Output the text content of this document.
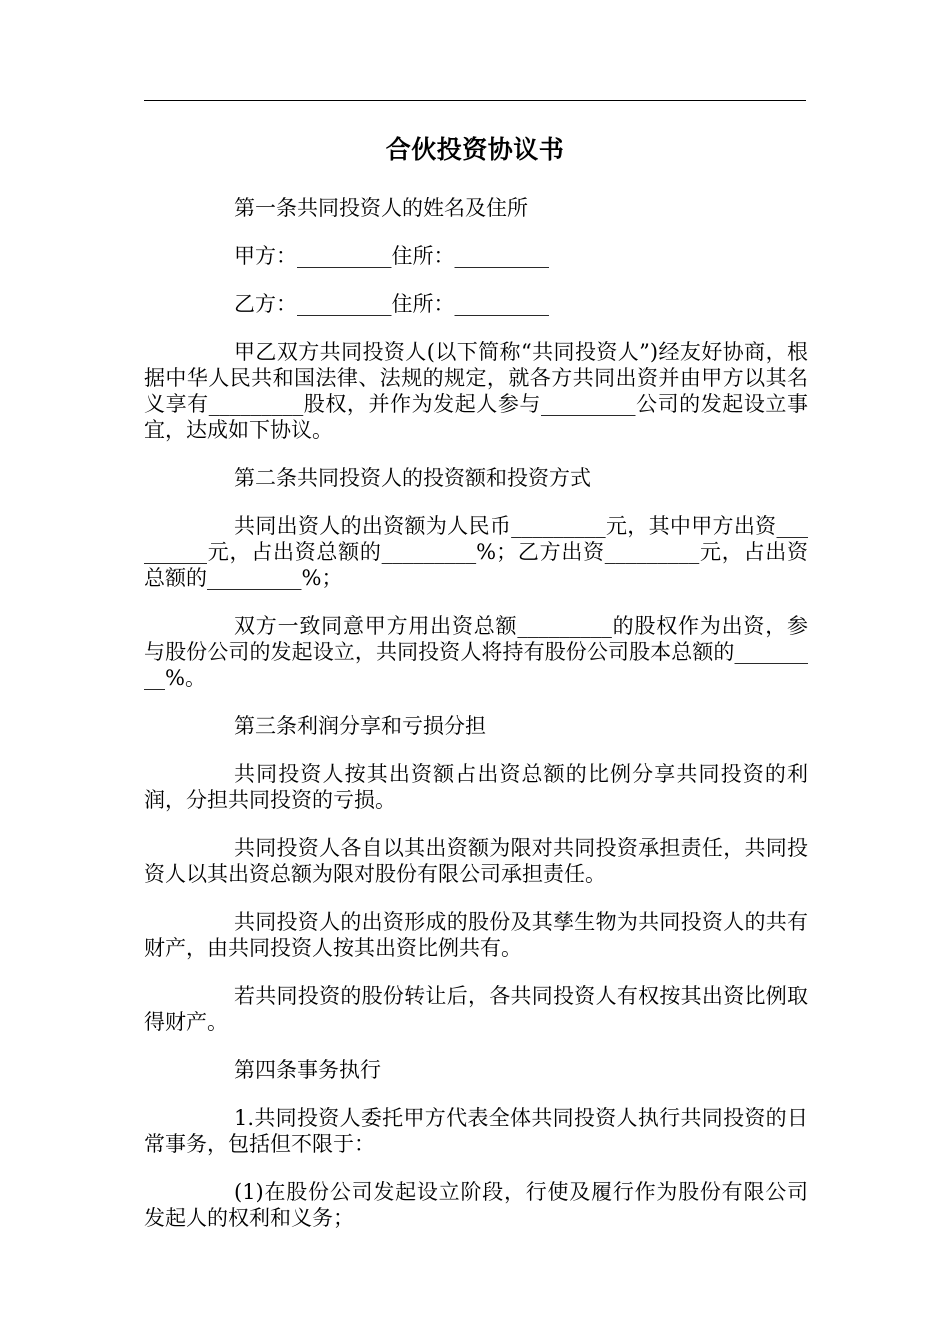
合伙投资协议书

第一条共同投资人的姓名及住所

甲方：_________住所：_________

乙方：_________住所：_________

甲乙双方共同投资人(以下简称“共同投资人”)经友好协商，根据中华人民共和国法律、法规的规定，就各方共同出资并由甲方以其名义享有_________股权，并作为发起人参与_________公司的发起设立事宜，达成如下协议。

第二条共同投资人的投资额和投资方式

共同出资人的出资额为人民币_________元，其中甲方出资_________元，占出资总额的_________%；乙方出资_________元，占出资总额的_________%；

双方一致同意甲方用出资总额_________的股权作为出资，参与股份公司的发起设立，共同投资人将持有股份公司股本总额的_________%。

第三条利润分享和亏损分担

共同投资人按其出资额占出资总额的比例分享共同投资的利润，分担共同投资的亏损。

共同投资人各自以其出资额为限对共同投资承担责任，共同投资人以其出资总额为限对股份有限公司承担责任。

共同投资人的出资形成的股份及其孳生物为共同投资人的共有财产，由共同投资人按其出资比例共有。

若共同投资的股份转让后，各共同投资人有权按其出资比例取得财产。

第四条事务执行

1.共同投资人委托甲方代表全体共同投资人执行共同投资的日常事务，包括但不限于：

(1)在股份公司发起设立阶段，行使及履行作为股份有限公司发起人的权利和义务；
